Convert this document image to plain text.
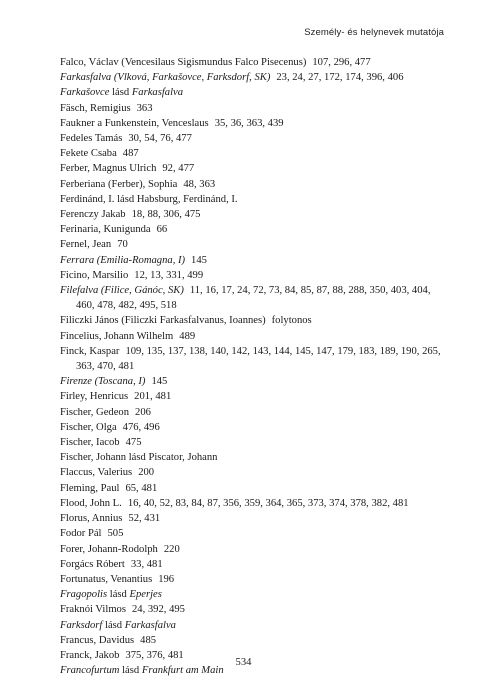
Személy- és helynevek mutatója
Falco, Václav (Vencesilaus Sigismundus Falco Pisecenus) 107, 296, 477
Farkasfalva (Vlková, Farkašovce, Farksdorf, SK) 23, 24, 27, 172, 174, 396, 406
Farkašovce lásd Farkasfalva
Fäsch, Remigius 363
Faukner a Funkenstein, Venceslaus 35, 36, 363, 439
Fedeles Tamás 30, 54, 76, 477
Fekete Csaba 487
Ferber, Magnus Ulrich 92, 477
Ferberiana (Ferber), Sophia 48, 363
Ferdinánd, I. lásd Habsburg, Ferdinánd, I.
Ferenczy Jakab 18, 88, 306, 475
Ferinaria, Kunigunda 66
Fernel, Jean 70
Ferrara (Emilia-Romagna, I) 145
Ficino, Marsilio 12, 13, 331, 499
Filefalva (Filice, Gánóc, SK) 11, 16, 17, 24, 72, 73, 84, 85, 87, 88, 288, 350, 403, 404, 460, 478, 482, 495, 518
Filiczki János (Filiczki Farkasfalvanus, Ioannes) folytonos
Fincelius, Johann Wilhelm 489
Finck, Kaspar 109, 135, 137, 138, 140, 142, 143, 144, 145, 147, 179, 183, 189, 190, 265, 363, 470, 481
Firenze (Toscana, I) 145
Firley, Henricus 201, 481
Fischer, Gedeon 206
Fischer, Olga 476, 496
Fischer, Iacob 475
Fischer, Johann lásd Piscator, Johann
Flaccus, Valerius 200
Fleming, Paul 65, 481
Flood, John L. 16, 40, 52, 83, 84, 87, 356, 359, 364, 365, 373, 374, 378, 382, 481
Florus, Annius 52, 431
Fodor Pál 505
Forer, Johann-Rodolph 220
Forgács Róbert 33, 481
Fortunatus, Venantius 196
Fragopolis lásd Eperjes
Fraknói Vilmos 24, 392, 495
Farksdorf lásd Farkasfalva
Francus, Davidus 485
Franck, Jakob 375, 376, 481
Francofurtum lásd Frankfurt am Main
534
